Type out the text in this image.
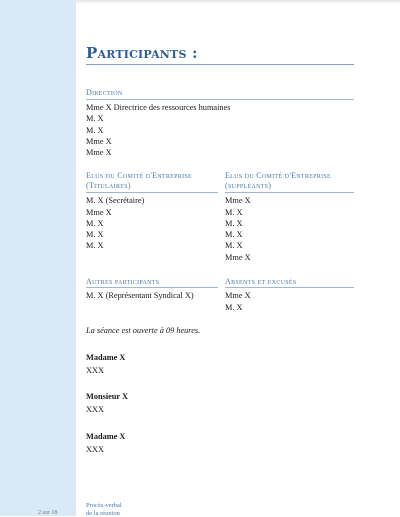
Participants :
Direction
Mme X Directrice des ressources humaines
M. X
M. X
Mme X
Mme X
Elus du Comité d'Entreprise
(Titulaires)
M. X (Secrétaire)
Mme X
M. X
M. X
M. X
Elus du Comité d'Entreprise
(suppléants)
Mme X
M. X
M. X
M. X
M. X
Mme X
Autres participants
M. X (Représentant Syndical X)
Absents et excusés
Mme X
M. X
La séance est ouverte à 09 heures.
Madame X
XXX
Monsieur X
XXX
Madame X
XXX
2 sur 18
Procès-verbal
de la réunion
